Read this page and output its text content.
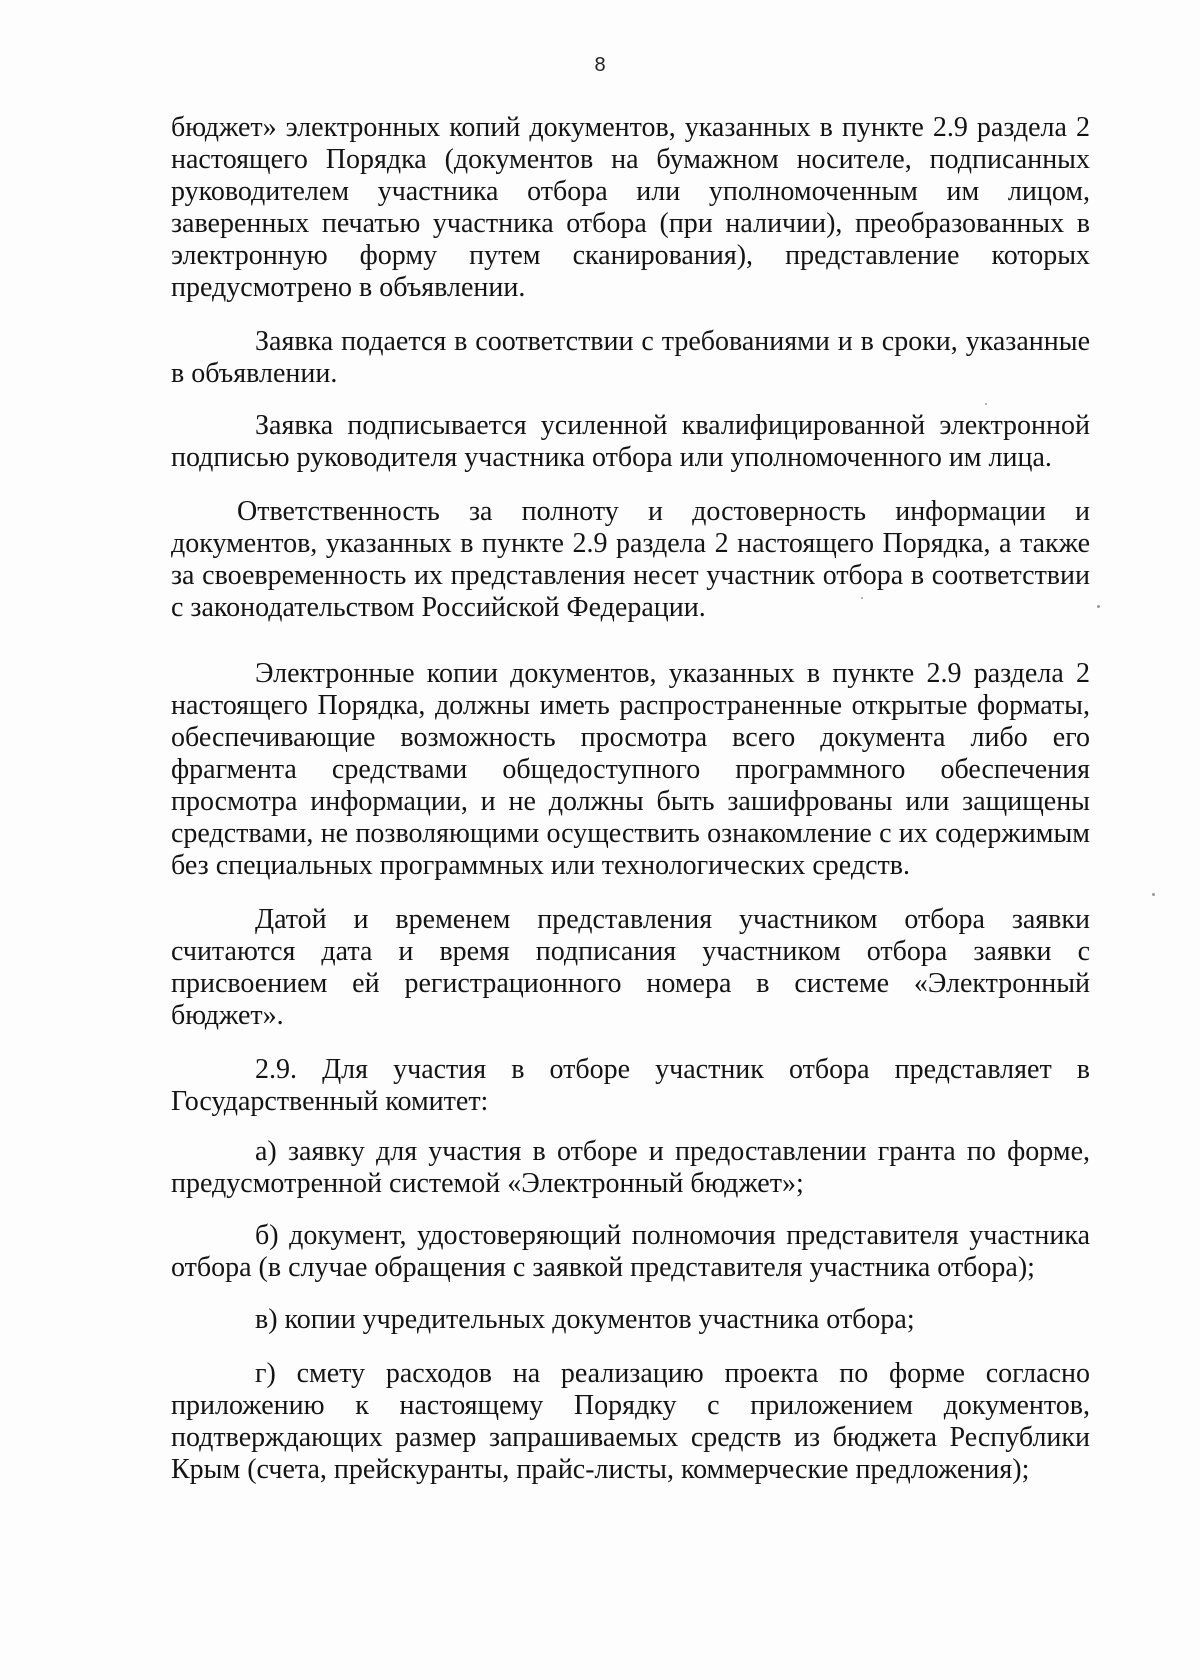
8
бюджет» электронных копий документов, указанных в пункте 2.9 раздела 2
настоящего Порядка (документов на бумажном носителе, подписанных
руководителем участника отбора или уполномоченным им лицом,
заверенных печатью участника отбора (при наличии), преобразованных в
электронную форму путем сканирования), представление которых
предусмотрено в объявлении.
Заявка подается в соответствии с требованиями и в сроки, указанные
в объявлении.
Заявка подписывается усиленной квалифицированной электронной
подписью руководителя участника отбора или уполномоченного им лица.
Ответственность за полноту и достоверность информации и
документов, указанных в пункте 2.9 раздела 2 настоящего Порядка, а также
за своевременность их представления несет участник отбора в соответствии
с законодательством Российской Федерации.
Электронные копии документов, указанных в пункте 2.9 раздела 2
настоящего Порядка, должны иметь распространенные открытые форматы,
обеспечивающие возможность просмотра всего документа либо его
фрагмента средствами общедоступного программного обеспечения
просмотра информации, и не должны быть зашифрованы или защищены
средствами, не позволяющими осуществить ознакомление с их содержимым
без специальных программных или технологических средств.
Датой и временем представления участником отбора заявки
считаются дата и время подписания участником отбора заявки с
присвоением ей регистрационного номера в системе «Электронный
бюджет».
2.9. Для участия в отборе участник отбора представляет в
Государственный комитет:
а) заявку для участия в отборе и предоставлении гранта по форме,
предусмотренной системой «Электронный бюджет»;
б) документ, удостоверяющий полномочия представителя участника
отбора (в случае обращения с заявкой представителя участника отбора);
в) копии учредительных документов участника отбора;
г) смету расходов на реализацию проекта по форме согласно
приложению к настоящему Порядку с приложением документов,
подтверждающих размер запрашиваемых средств из бюджета Республики
Крым (счета, прейскуранты, прайс-листы, коммерческие предложения);
